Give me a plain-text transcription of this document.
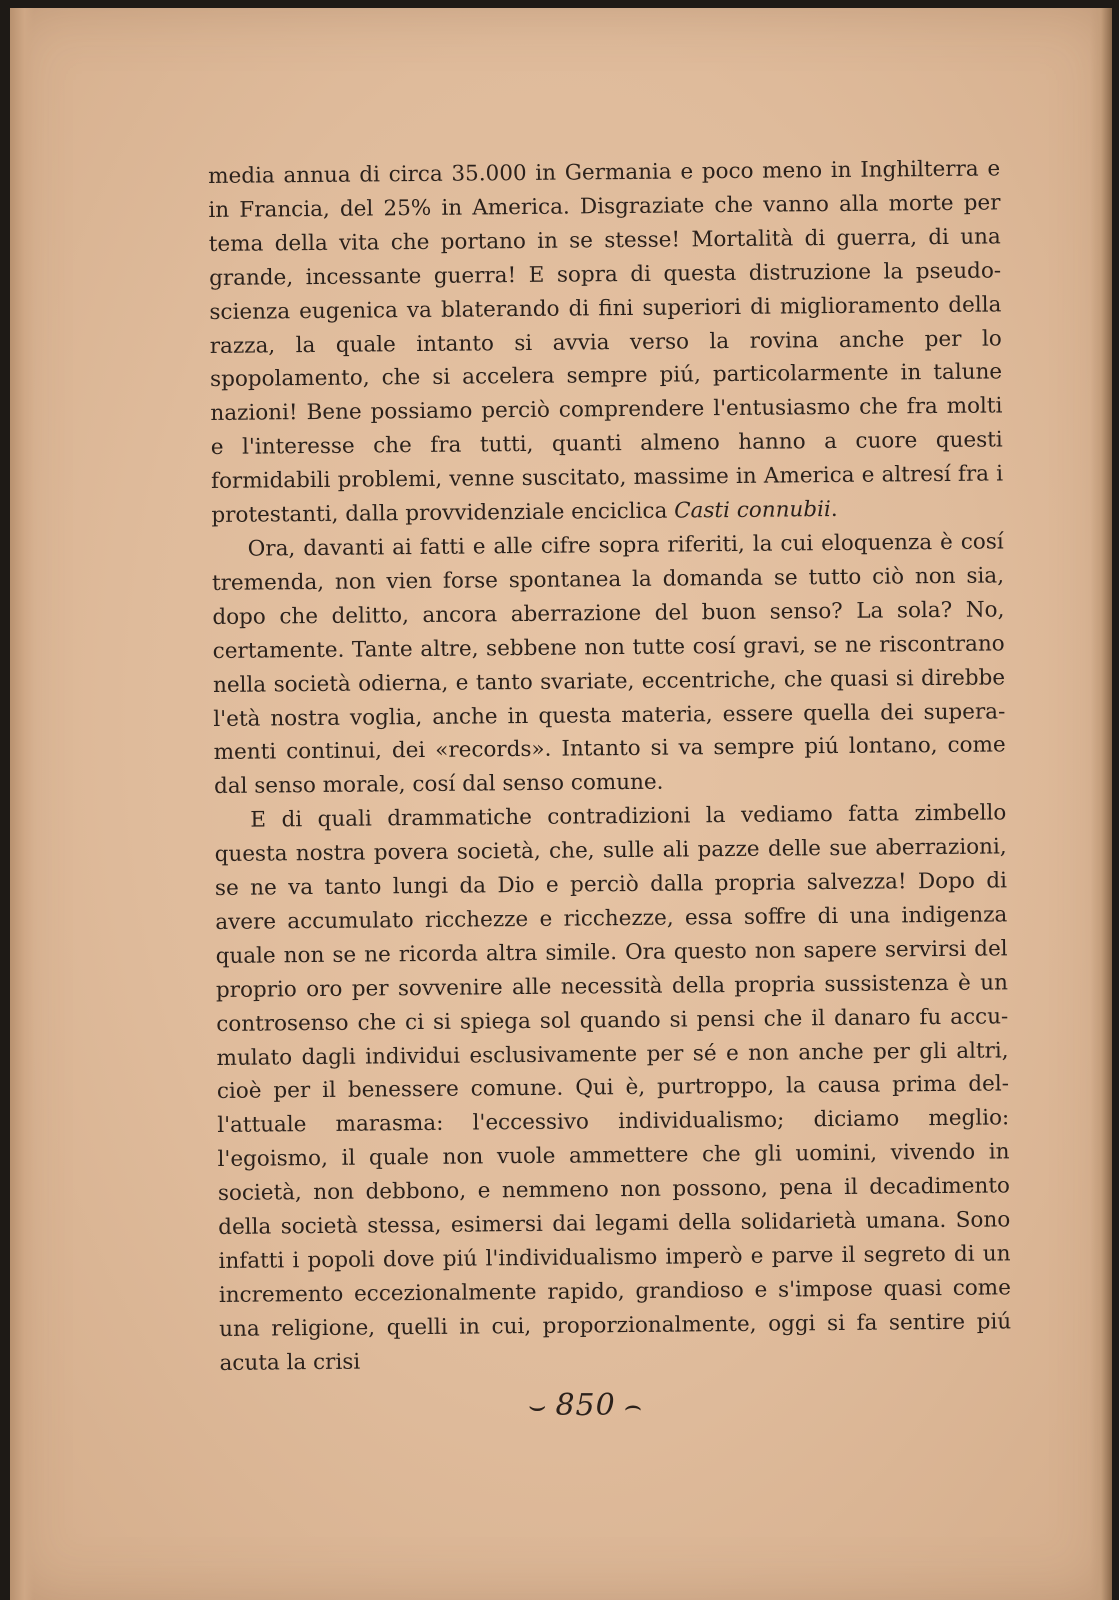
media annua di circa 35.000 in Germania e poco meno in Inghilterra e in Francia, del 25% in America. Disgraziate che vanno alla morte per tema della vita che portano in se stesse! Mortalità di guerra, di una grande, incessante guerra! E sopra di questa distruzione la pseudoscienza eugenica va blaterando di fini superiori di miglioramento della razza, la quale intanto si avvia verso la rovina anche per lo spopolamento, che si accelera sempre piú, particolarmente in talune nazioni! Bene possiamo perciò comprendere l'entusiasmo che fra molti e l'interesse che fra tutti, quanti almeno hanno a cuore questi formidabili problemi, venne suscitato, massime in America e altresí fra i protestanti, dalla provvidenziale enciclica Casti connubii.

Ora, davanti ai fatti e alle cifre sopra riferiti, la cui eloquenza è cosí tremenda, non vien forse spontanea la domanda se tutto ciò non sia, dopo che delitto, ancora aberrazione del buon senso? La sola? No, certamente. Tante altre, sebbene non tutte cosí gravi, se ne riscontrano nella società odierna, e tanto svariate, eccentriche, che quasi si direbbe l'età nostra voglia, anche in questa materia, essere quella dei superamenti continui, dei «records». Intanto si va sempre piú lontano, come dal senso morale, cosí dal senso comune.

E di quali drammatiche contradizioni la vediamo fatta zimbello questa nostra povera società, che, sulle ali pazze delle sue aberrazioni, se ne va tanto lungi da Dio e perciò dalla propria salvezza! Dopo di avere accumulato ricchezze e ricchezze, essa soffre di una indigenza quale non se ne ricorda altra simile. Ora questo non sapere servirsi del proprio oro per sovvenire alle necessità della propria sussistenza è un controsenso che ci si spiega sol quando si pensi che il danaro fu accumulato dagli individui esclusivamente per sé e non anche per gli altri, cioè per il benessere comune. Qui è, purtroppo, la causa prima dell'attuale marasma: l'eccessivo individualismo; diciamo meglio: l'egoismo, il quale non vuole ammettere che gli uomini, vivendo in società, non debbono, e nemmeno non possono, pena il decadimento della società stessa, esimersi dai legami della solidarietà umana. Sono infatti i popoli dove piú l'individualismo imperò e parve il segreto di un incremento eccezionalmente rapido, grandioso e s'impose quasi come una religione, quelli in cui, proporzionalmente, oggi si fa sentire piú acuta la crisi

⌣ 850 ⌢
